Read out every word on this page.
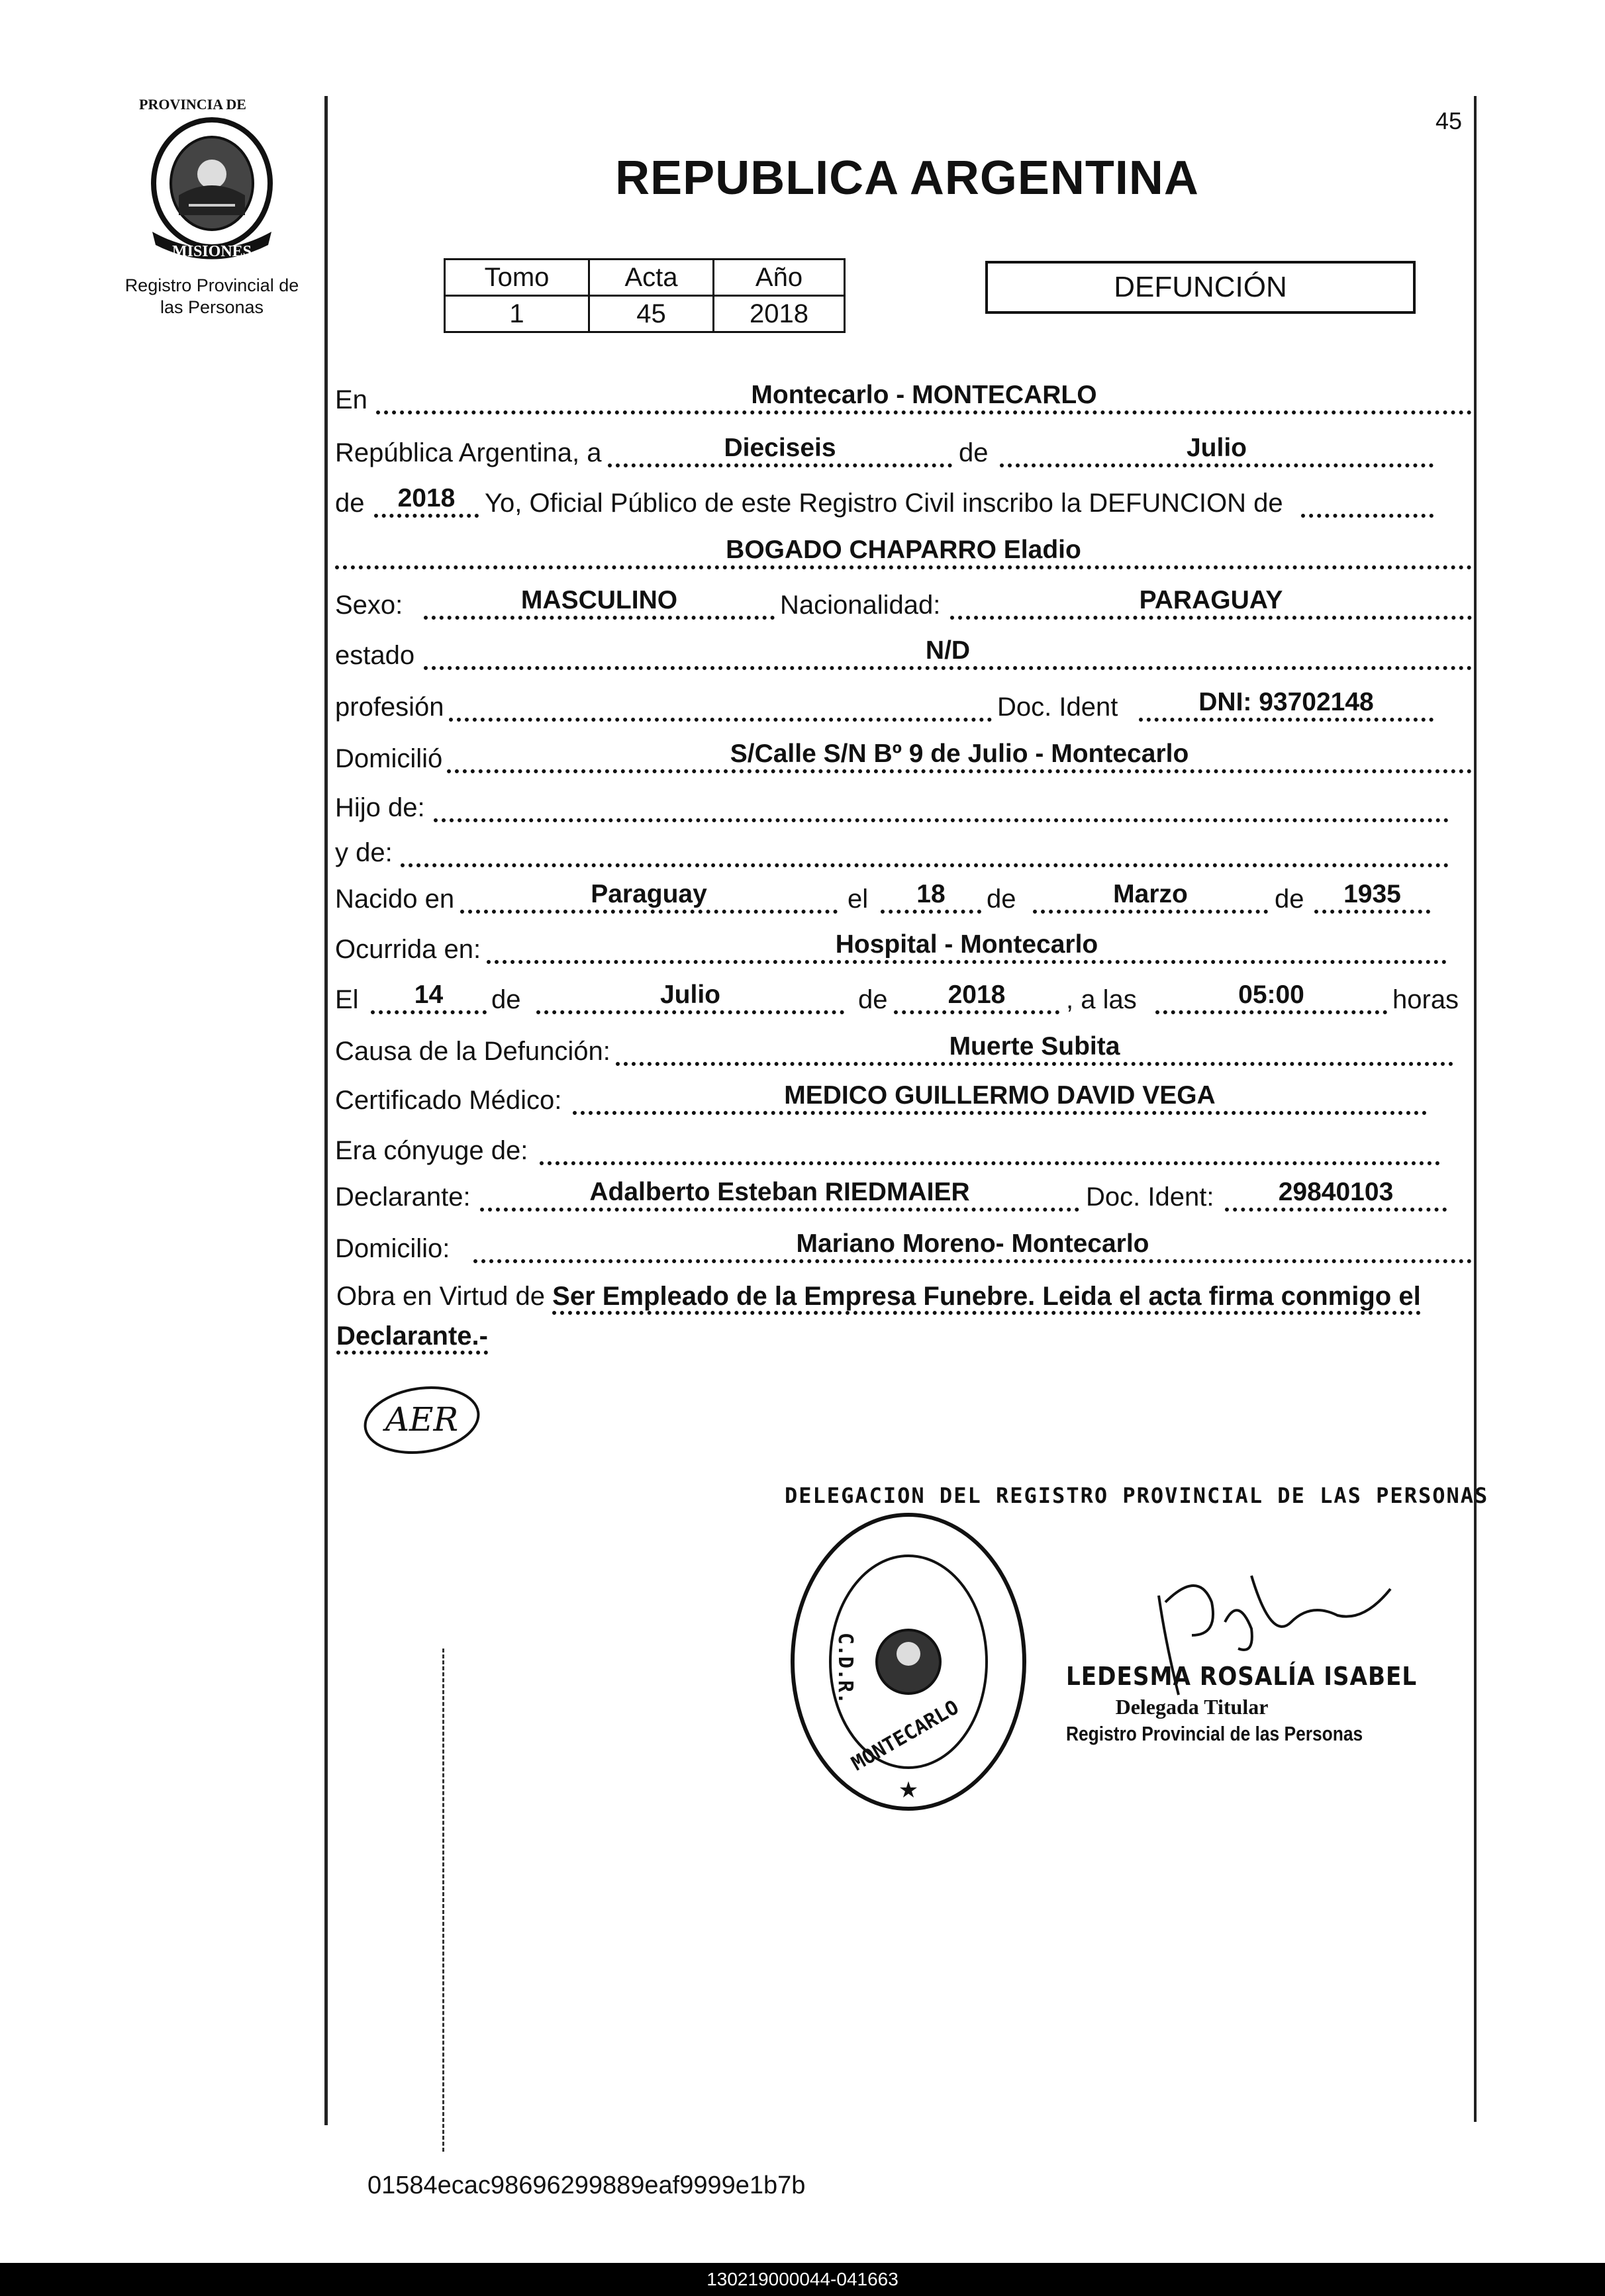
PROVINCIA DE
MISIONES
Registro Provincial de
las Personas
45
REPUBLICA ARGENTINA
Tomo	Acta	Año
1	45	2018
DEFUNCIÓN
En	Montecarlo - MONTECARLO
República Argentina, a	Dieciseis	de	Julio
de	2018	Yo, Oficial Público de este Registro Civil inscribo la DEFUNCION de
BOGADO CHAPARRO Eladio
Sexo:	MASCULINO	Nacionalidad:	PARAGUAY
estado	N/D
profesión	Doc. Ident	DNI: 93702148
Domicilió	S/Calle S/N Bº 9 de Julio - Montecarlo
Hijo de:
y de:
Nacido en	Paraguay	el	18	de	Marzo	de	1935
Ocurrida en:	Hospital - Montecarlo
El	14	de	Julio	de	2018	, a las	05:00	horas
Causa de la Defunción:	Muerte Subita
Certificado Médico:	MEDICO GUILLERMO DAVID VEGA
Era cónyuge de:
Declarante:	Adalberto Esteban RIEDMAIER	Doc. Ident:	29840103
Domicilio:	Mariano Moreno- Montecarlo
Obra en Virtud de Ser Empleado de la Empresa Funebre. Leida el acta firma conmigo el
Declarante.-
AER
DELEGACION DEL REGISTRO PROVINCIAL DE LAS PERSONAS
C.D.R.
MONTECARLO
★
LEDESMA ROSALÍA ISABEL
Delegada Titular
Registro Provincial de las Personas
01584ecac98696299889eaf9999e1b7b
130219000044-041663
